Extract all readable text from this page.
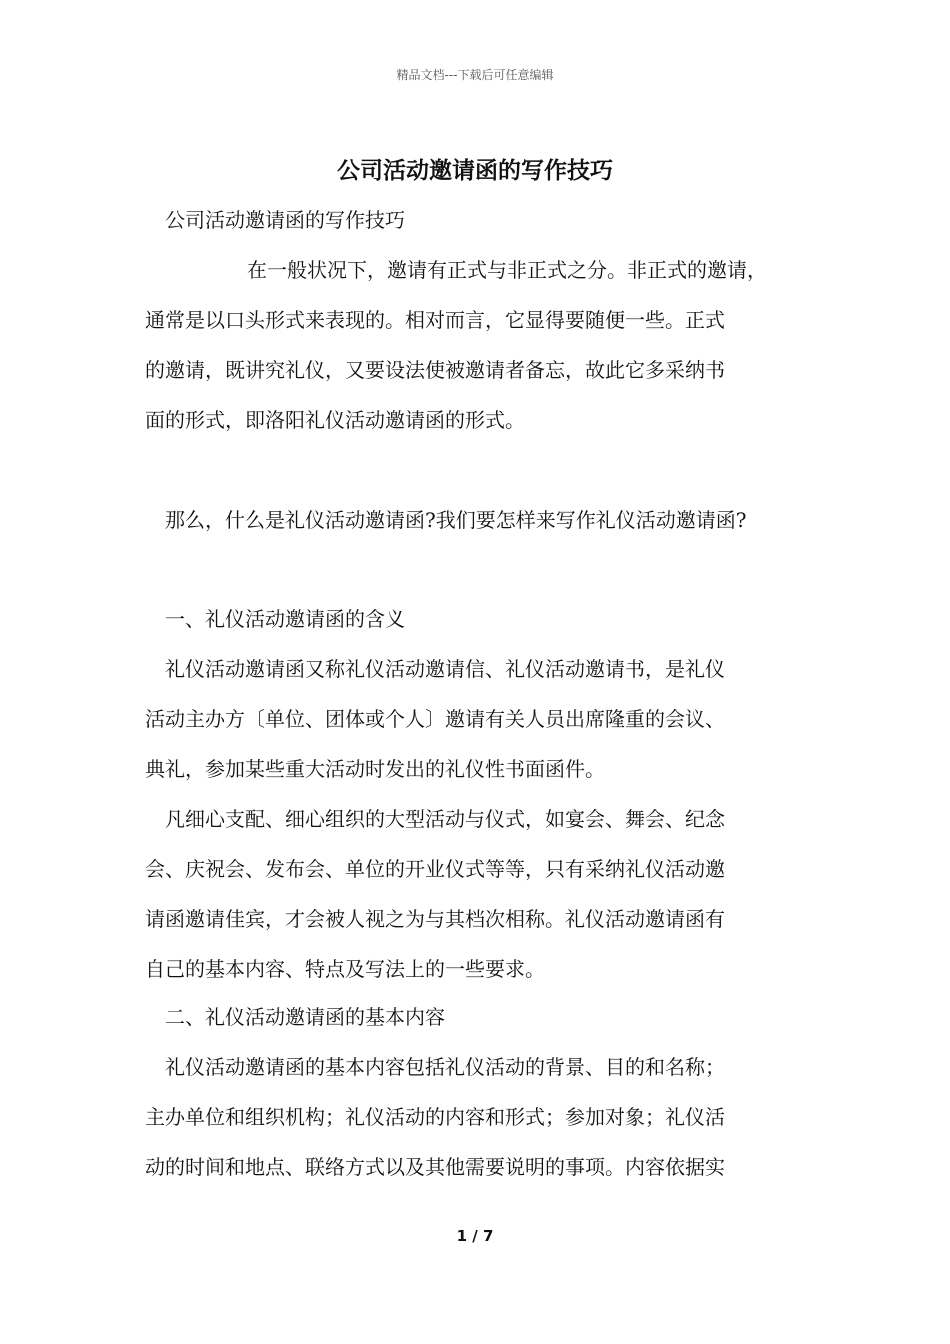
精品文档---下载后可任意编辑
公司活动邀请函的写作技巧
公司活动邀请函的写作技巧
在一般状况下，邀请有正式与非正式之分。非正式的邀请，
通常是以口头形式来表现的。相对而言，它显得要随便一些。正式
的邀请，既讲究礼仪，又要设法使被邀请者备忘，故此它多采纳书
面的形式，即洛阳礼仪活动邀请函的形式。
那么，什么是礼仪活动邀请函?我们要怎样来写作礼仪活动邀请函?
一、礼仪活动邀请函的含义
礼仪活动邀请函又称礼仪活动邀请信、礼仪活动邀请书，是礼仪
活动主办方〔单位、团体或个人〕邀请有关人员出席隆重的会议、
典礼，参加某些重大活动时发出的礼仪性书面函件。
凡细心支配、细心组织的大型活动与仪式，如宴会、舞会、纪念
会、庆祝会、发布会、单位的开业仪式等等，只有采纳礼仪活动邀
请函邀请佳宾，才会被人视之为与其档次相称。礼仪活动邀请函有
自己的基本内容、特点及写法上的一些要求。
二、礼仪活动邀请函的基本内容
礼仪活动邀请函的基本内容包括礼仪活动的背景、目的和名称；
主办单位和组织机构；礼仪活动的内容和形式；参加对象；礼仪活
动的时间和地点、联络方式以及其他需要说明的事项。内容依据实
1 / 7
